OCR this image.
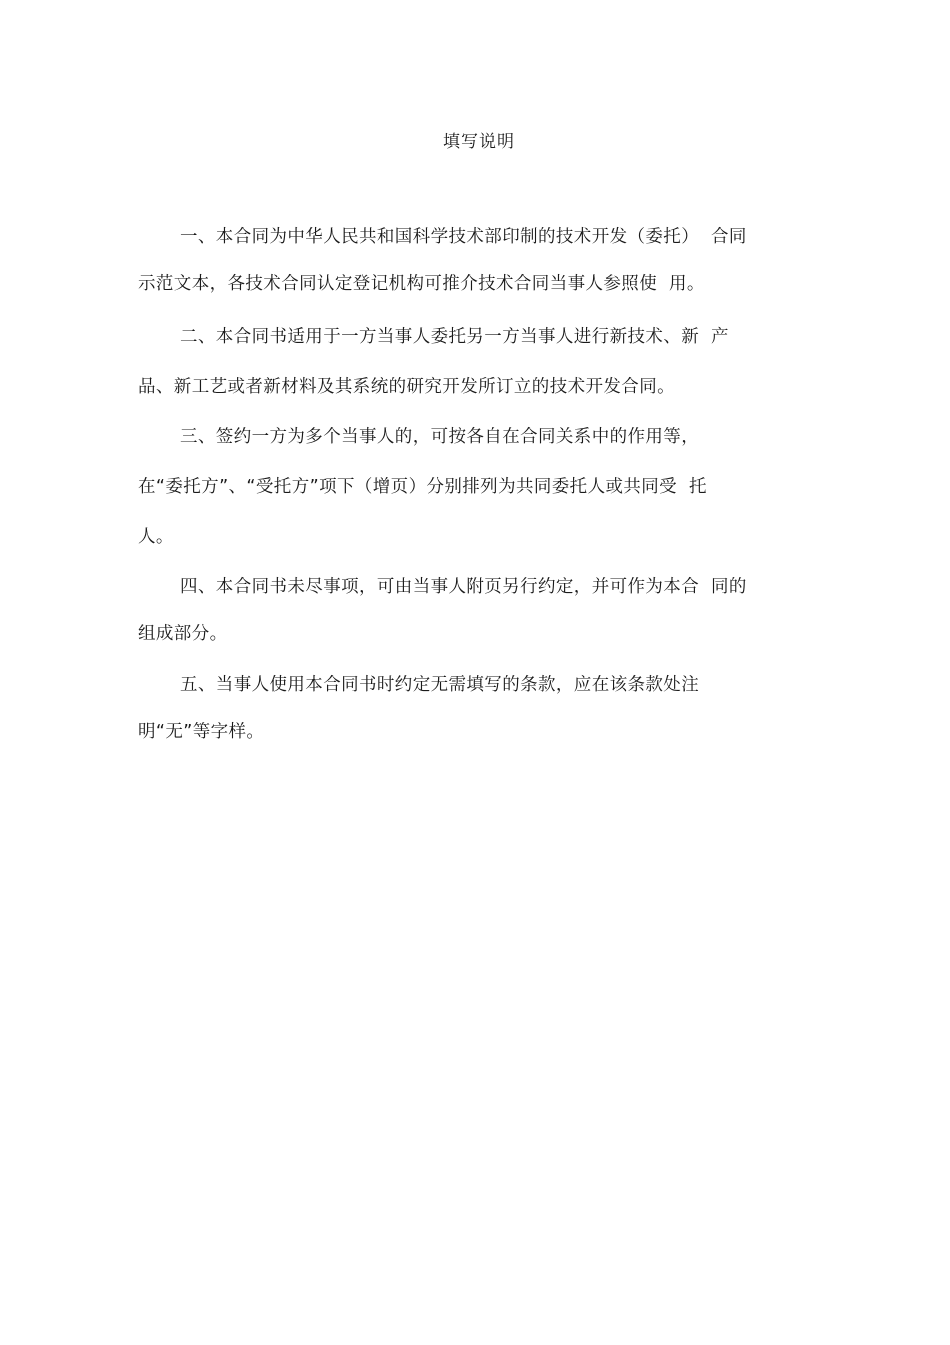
填写说明
一、本合同为中华人民共和国科学技术部印制的技术开发（委托）  合同
示范文本，各技术合同认定登记机构可推介技术合同当事人参照使  用。
二、本合同书适用于一方当事人委托另一方当事人进行新技术、新  产
品、新工艺或者新材料及其系统的研究开发所订立的技术开发合同。
三、签约一方为多个当事人的，可按各自在合同关系中的作用等，
在“委托方”、“受托方”项下（增页）分别排列为共同委托人或共同受  托
人。
四、本合同书未尽事项，可由当事人附页另行约定，并可作为本合  同的
组成部分。
五、当事人使用本合同书时约定无需填写的条款，应在该条款处注
明“无”等字样。
